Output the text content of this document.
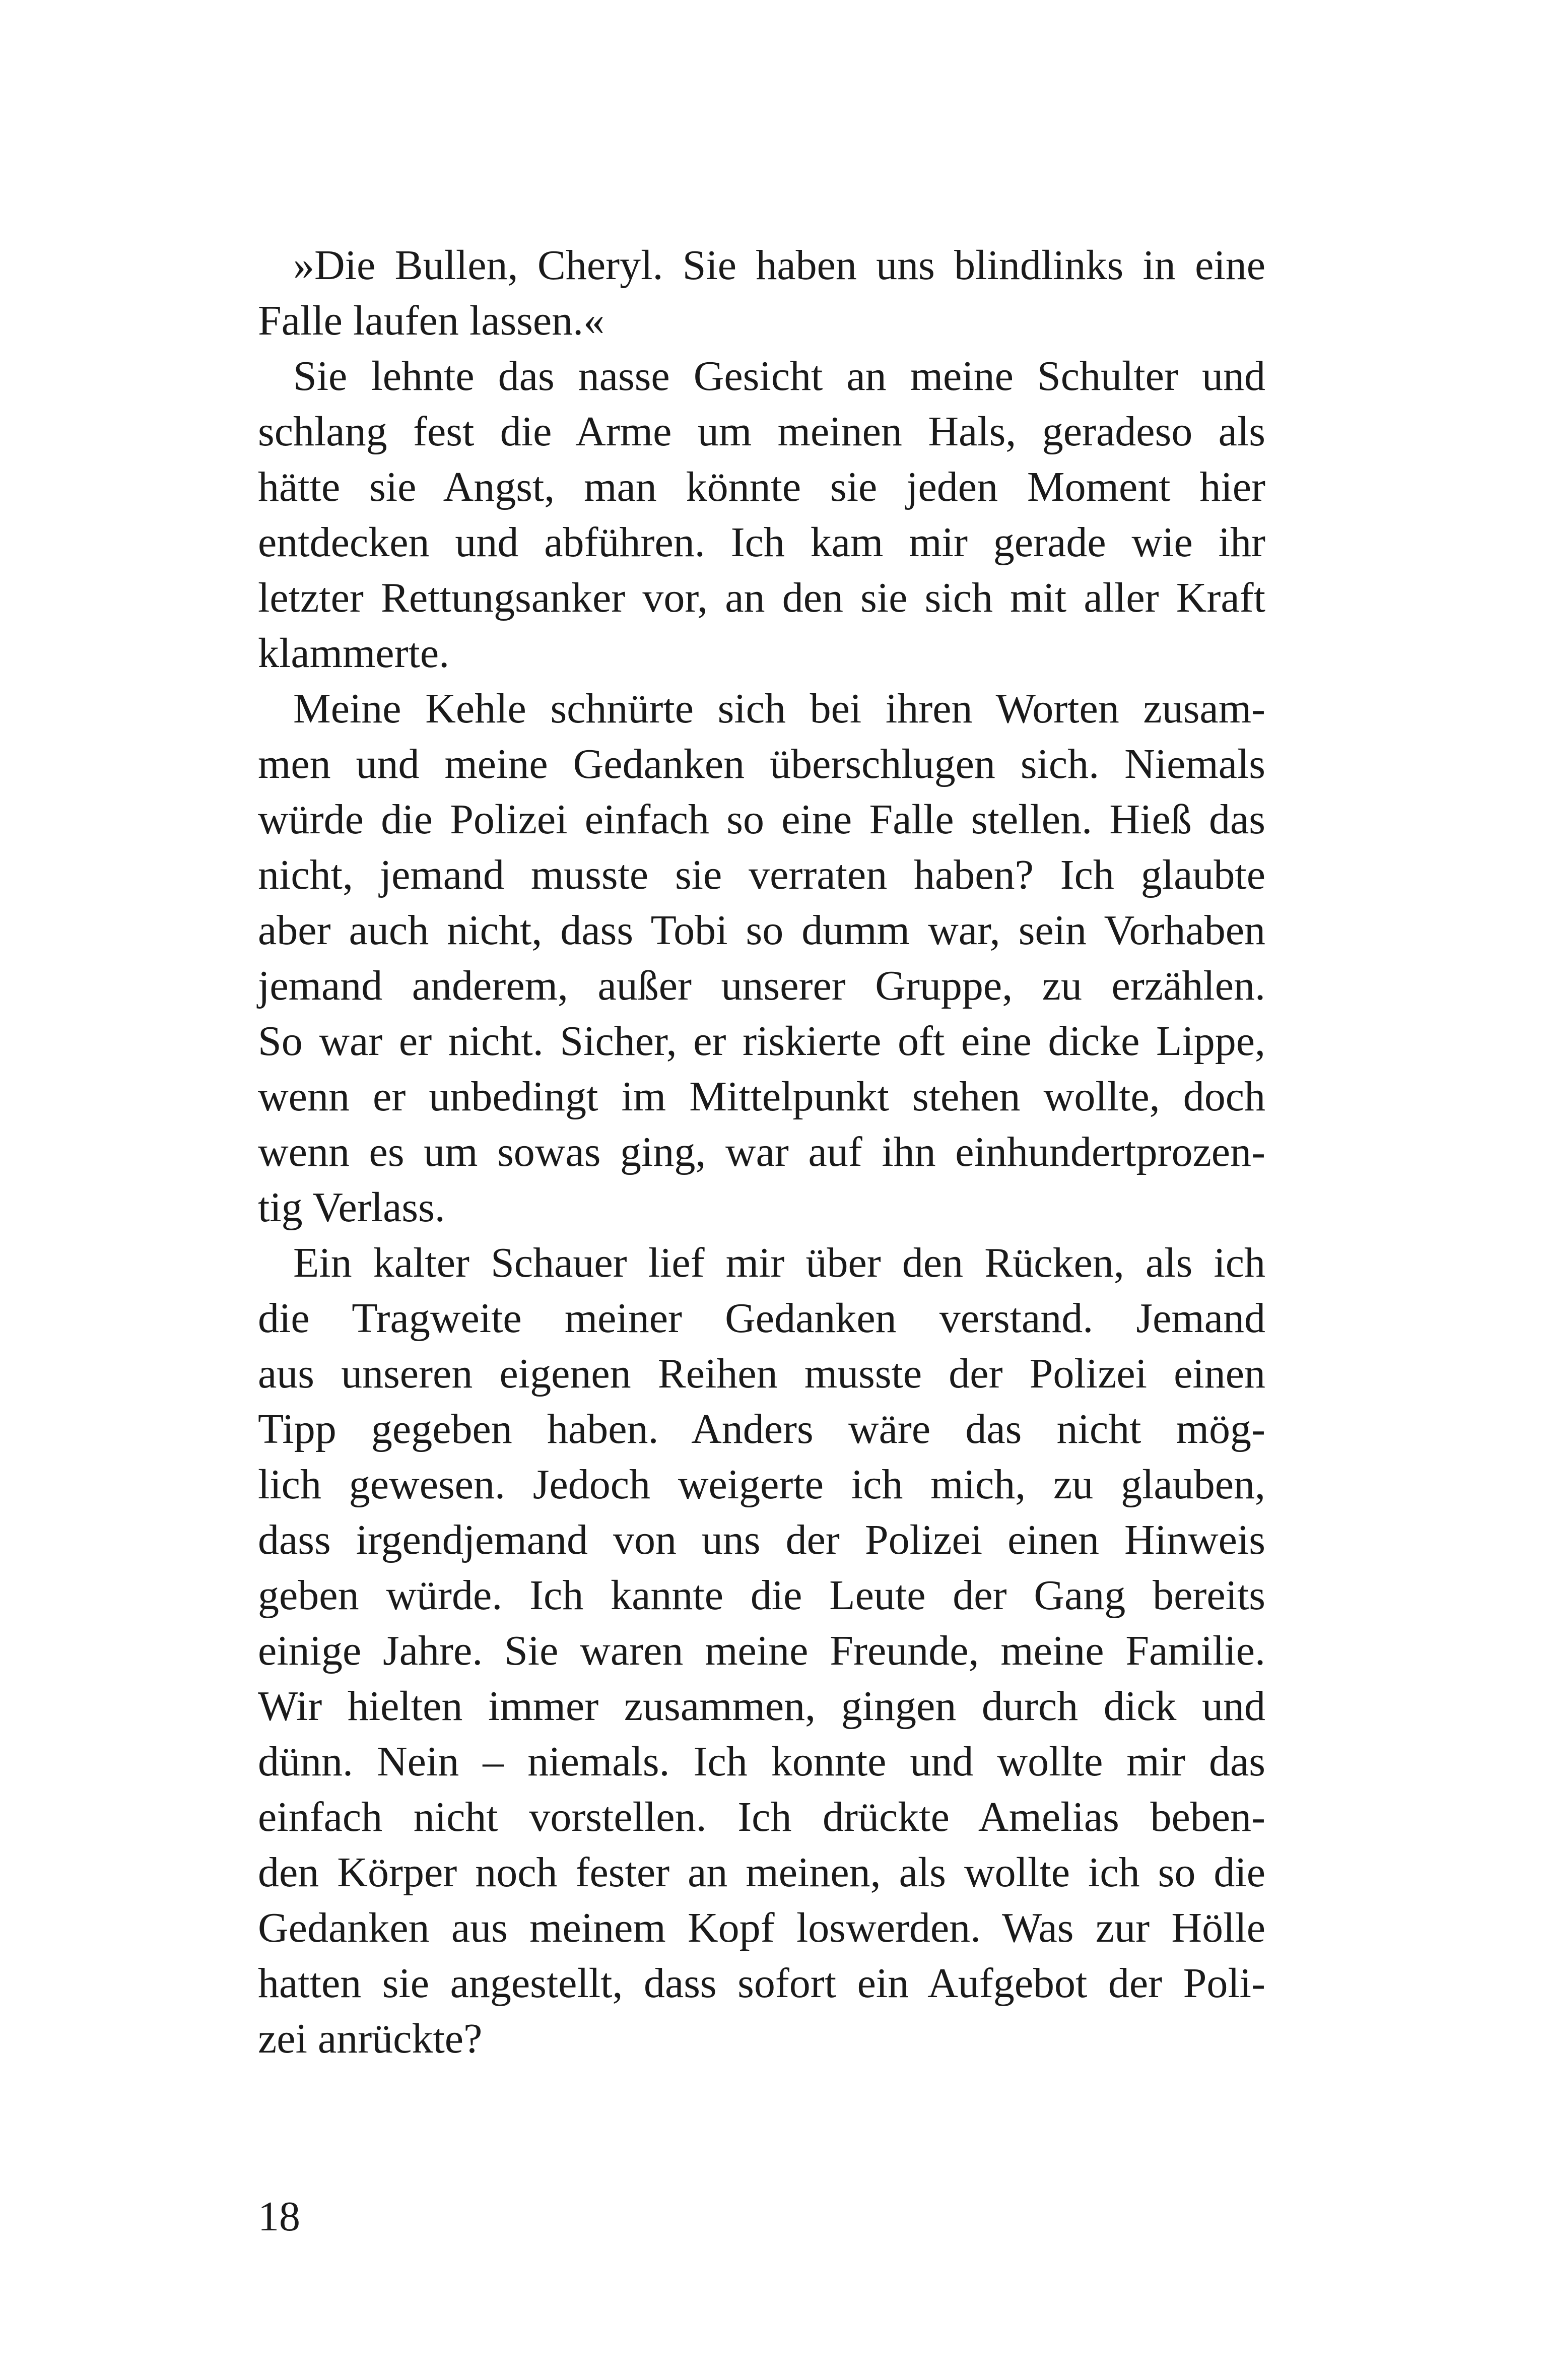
»Die Bullen, Cheryl. Sie haben uns blindlinks in eine
Falle laufen lassen.«
Sie lehnte das nasse Gesicht an meine Schulter und
schlang fest die Arme um meinen Hals, geradeso als
hätte sie Angst, man könnte sie jeden Moment hier
entdecken und abführen. Ich kam mir gerade wie ihr
letzter Rettungsanker vor, an den sie sich mit aller Kraft
klammerte.
Meine Kehle schnürte sich bei ihren Worten zusam-
men und meine Gedanken überschlugen sich. Niemals
würde die Polizei einfach so eine Falle stellen. Hieß das
nicht, jemand musste sie verraten haben? Ich glaubte
aber auch nicht, dass Tobi so dumm war, sein Vorhaben
jemand anderem, außer unserer Gruppe, zu erzählen.
So war er nicht. Sicher, er riskierte oft eine dicke Lippe,
wenn er unbedingt im Mittelpunkt stehen wollte, doch
wenn es um sowas ging, war auf ihn einhundertprozen-
tig Verlass.
Ein kalter Schauer lief mir über den Rücken, als ich
die Tragweite meiner Gedanken verstand. Jemand
aus unseren eigenen Reihen musste der Polizei einen
Tipp gegeben haben. Anders wäre das nicht mög-
lich gewesen. Jedoch weigerte ich mich, zu glauben,
dass irgendjemand von uns der Polizei einen Hinweis
geben würde. Ich kannte die Leute der Gang bereits
einige Jahre. Sie waren meine Freunde, meine Familie.
Wir hielten immer zusammen, gingen durch dick und
dünn. Nein – niemals. Ich konnte und wollte mir das
einfach nicht vorstellen. Ich drückte Amelias beben-
den Körper noch fester an meinen, als wollte ich so die
Gedanken aus meinem Kopf loswerden. Was zur Hölle
hatten sie angestellt, dass sofort ein Aufgebot der Poli-
zei anrückte?
18
